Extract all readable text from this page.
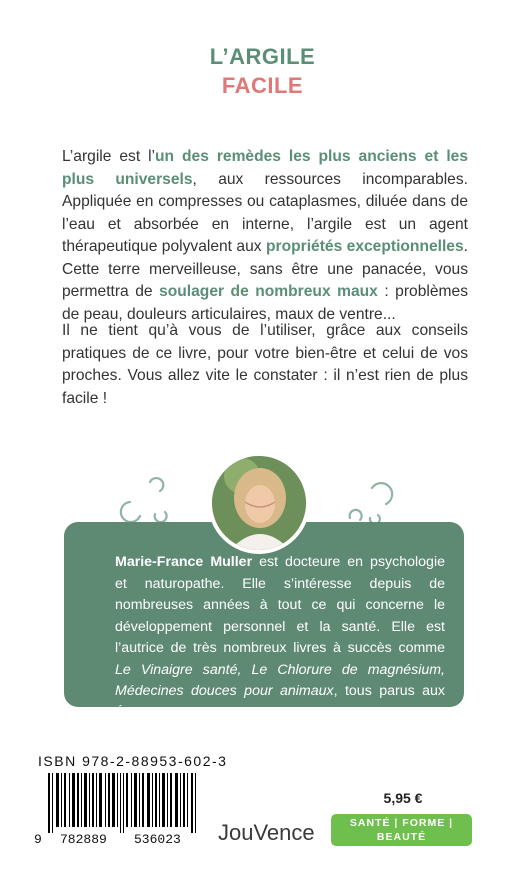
L’ARGILE
FACILE
L’argile est l’un des remèdes les plus anciens et les plus universels, aux ressources incomparables. Appliquée en compresses ou cataplasmes, diluée dans de l’eau et absorbée en interne, l’argile est un agent thérapeutique polyvalent aux propriétés exceptionnelles. Cette terre merveilleuse, sans être une panacée, vous permettra de soulager de nombreux maux : problèmes de peau, douleurs articulaires, maux de ventre...
Il ne tient qu’à vous de l’utiliser, grâce aux conseils pratiques de ce livre, pour votre bien-être et celui de vos proches. Vous allez vite le constater : il n’est rien de plus facile !
Marie-France Muller est docteure en psychologie et naturopathe. Elle s’intéresse depuis de nombreuses années à tout ce qui concerne le développement personnel et la santé. Elle est l’autrice de très nombreux livres à succès comme Le Vinaigre santé, Le Chlorure de magnésium, Médecines douces pour animaux, tous parus aux Éditions Jouvence.
ISBN 978-2-88953-602-3
9 782889 536023 JouVence
5,95 €
SANTÉ | FORME |
BEAUTÉ
